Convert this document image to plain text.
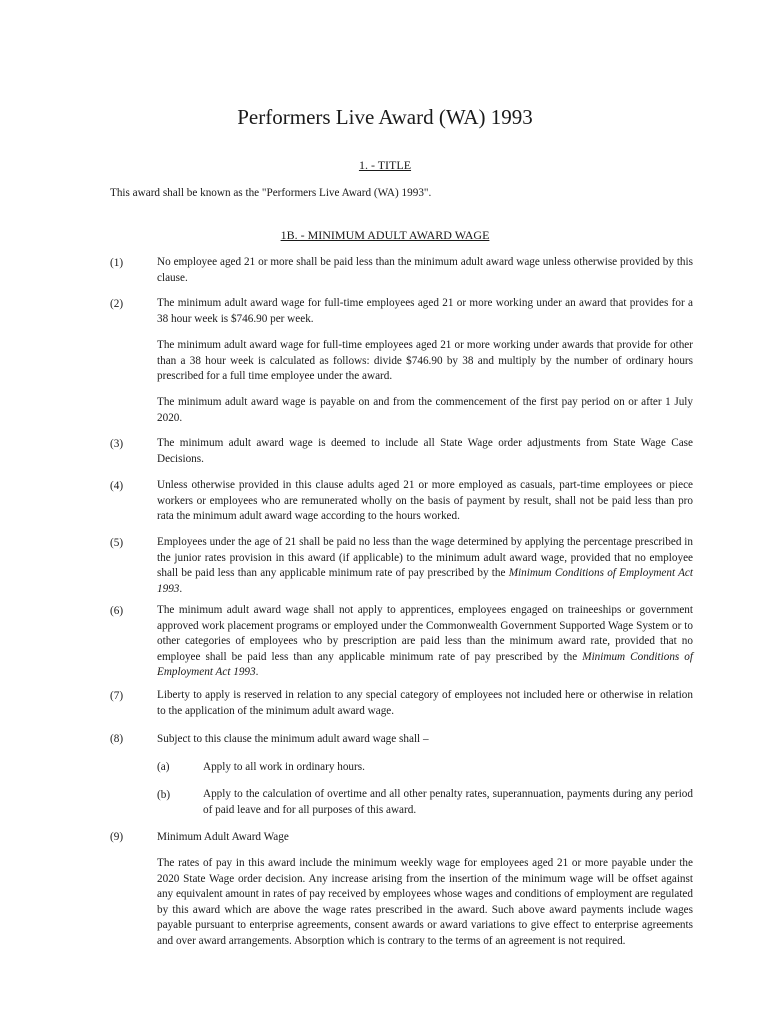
Performers Live Award (WA) 1993
1. - TITLE
This award shall be known as the "Performers Live Award (WA) 1993".
1B. - MINIMUM ADULT AWARD WAGE
(1)	No employee aged 21 or more shall be paid less than the minimum adult award wage unless otherwise provided by this clause.
(2)	The minimum adult award wage for full-time employees aged 21 or more working under an award that provides for a 38 hour week is $746.90 per week.
The minimum adult award wage for full-time employees aged 21 or more working under awards that provide for other than a 38 hour week is calculated as follows: divide $746.90 by 38 and multiply by the number of ordinary hours prescribed for a full time employee under the award.
The minimum adult award wage is payable on and from the commencement of the first pay period on or after 1 July 2020.
(3)	The minimum adult award wage is deemed to include all State Wage order adjustments from State Wage Case Decisions.
(4)	Unless otherwise provided in this clause adults aged 21 or more employed as casuals, part-time employees or piece workers or employees who are remunerated wholly on the basis of payment by result, shall not be paid less than pro rata the minimum adult award wage according to the hours worked.
(5)	Employees under the age of 21 shall be paid no less than the wage determined by applying the percentage prescribed in the junior rates provision in this award (if applicable) to the minimum adult award wage, provided that no employee shall be paid less than any applicable minimum rate of pay prescribed by the Minimum Conditions of Employment Act 1993.
(6)	The minimum adult award wage shall not apply to apprentices, employees engaged on traineeships or government approved work placement programs or employed under the Commonwealth Government Supported Wage System or to other categories of employees who by prescription are paid less than the minimum award rate, provided that no employee shall be paid less than any applicable minimum rate of pay prescribed by the Minimum Conditions of Employment Act 1993.
(7)	Liberty to apply is reserved in relation to any special category of employees not included here or otherwise in relation to the application of the minimum adult award wage.
(8)	Subject to this clause the minimum adult award wage shall –
(a)	Apply to all work in ordinary hours.
(b)	Apply to the calculation of overtime and all other penalty rates, superannuation, payments during any period of paid leave and for all purposes of this award.
(9)	Minimum Adult Award Wage
The rates of pay in this award include the minimum weekly wage for employees aged 21 or more payable under the 2020 State Wage order decision. Any increase arising from the insertion of the minimum wage will be offset against any equivalent amount in rates of pay received by employees whose wages and conditions of employment are regulated by this award which are above the wage rates prescribed in the award. Such above award payments include wages payable pursuant to enterprise agreements, consent awards or award variations to give effect to enterprise agreements and over award arrangements. Absorption which is contrary to the terms of an agreement is not required.
